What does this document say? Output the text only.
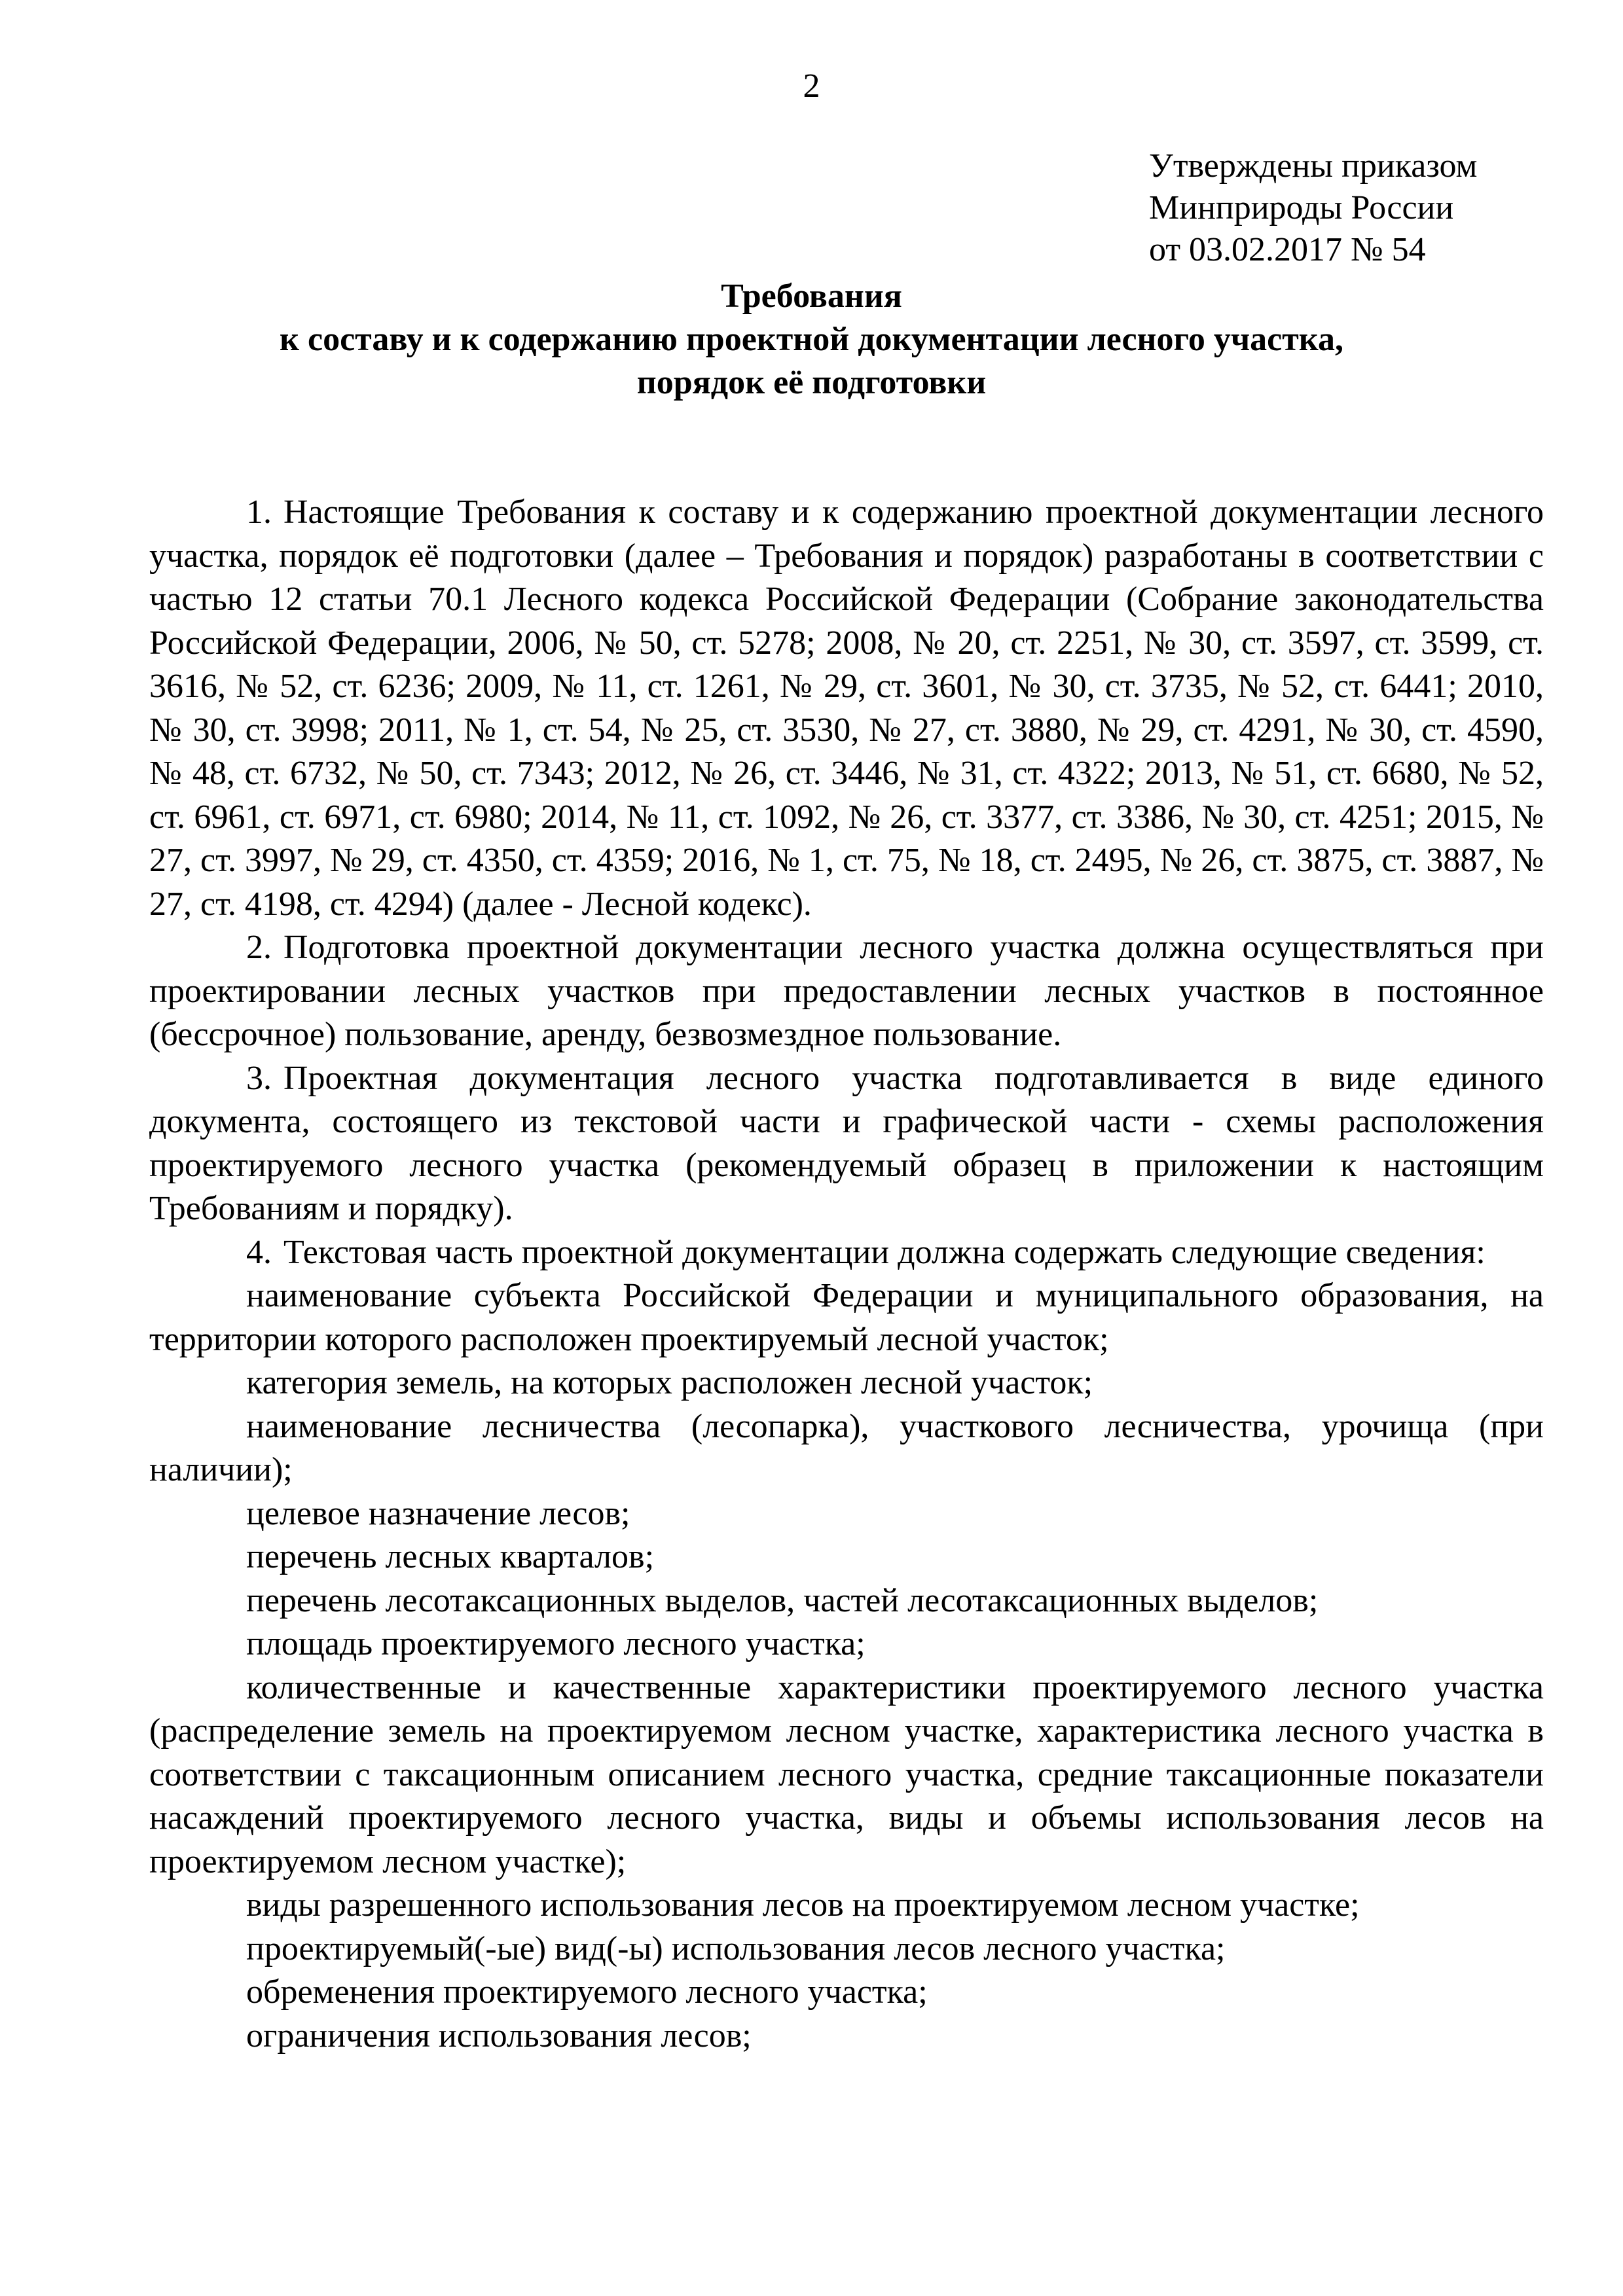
2
Утверждены приказом
Минприроды России
от 03.02.2017 № 54
Требования
к составу и к содержанию проектной документации лесного участка,
порядок её подготовки

1. Настоящие Требования к составу и к содержанию проектной документации лесного участка, порядок её подготовки (далее – Требования и порядок) разработаны в соответствии с частью 12 статьи 70.1 Лесного кодекса Российской Федерации (Собрание законодательства Российской Федерации, 2006, № 50, ст. 5278; 2008, № 20, ст. 2251, № 30, ст. 3597, ст. 3599, ст. 3616, № 52, ст. 6236; 2009, № 11, ст. 1261, № 29, ст. 3601, № 30, ст. 3735, № 52, ст. 6441; 2010, № 30, ст. 3998; 2011, № 1, ст. 54, № 25, ст. 3530, № 27, ст. 3880, № 29, ст. 4291, № 30, ст. 4590, № 48, ст. 6732, № 50, ст. 7343; 2012, № 26, ст. 3446, № 31, ст. 4322; 2013, № 51, ст. 6680, № 52, ст. 6961, ст. 6971, ст. 6980; 2014, № 11, ст. 1092, № 26, ст. 3377, ст. 3386, № 30, ст. 4251; 2015, № 27, ст. 3997, № 29, ст. 4350, ст. 4359; 2016, № 1, ст. 75, № 18, ст. 2495, № 26, ст. 3875, ст. 3887, № 27, ст. 4198, ст. 4294) (далее - Лесной кодекс).

2. Подготовка проектной документации лесного участка должна осуществляться при проектировании лесных участков при предоставлении лесных участков в постоянное (бессрочное) пользование, аренду, безвозмездное пользование.

3. Проектная документация лесного участка подготавливается в виде единого документа, состоящего из текстовой части и графической части - схемы расположения проектируемого лесного участка (рекомендуемый образец в приложении к настоящим Требованиям и порядку).

4. Текстовая часть проектной документации должна содержать следующие сведения:

наименование субъекта Российской Федерации и муниципального образования, на территории которого расположен проектируемый лесной участок;

категория земель, на которых расположен лесной участок;

наименование лесничества (лесопарка), участкового лесничества, урочища (при наличии);

целевое назначение лесов;

перечень лесных кварталов;

перечень лесотаксационных выделов, частей лесотаксационных выделов;

площадь проектируемого лесного участка;

количественные и качественные характеристики проектируемого лесного участка (распределение земель на проектируемом лесном участке, характеристика лесного участка в соответствии с таксационным описанием лесного участка, средние таксационные показатели насаждений проектируемого лесного участка, виды и объемы использования лесов на проектируемом лесном участке);

виды разрешенного использования лесов на проектируемом лесном участке;

проектируемый(-ые) вид(-ы) использования лесов лесного участка;

обременения проектируемого лесного участка;

ограничения использования лесов;
